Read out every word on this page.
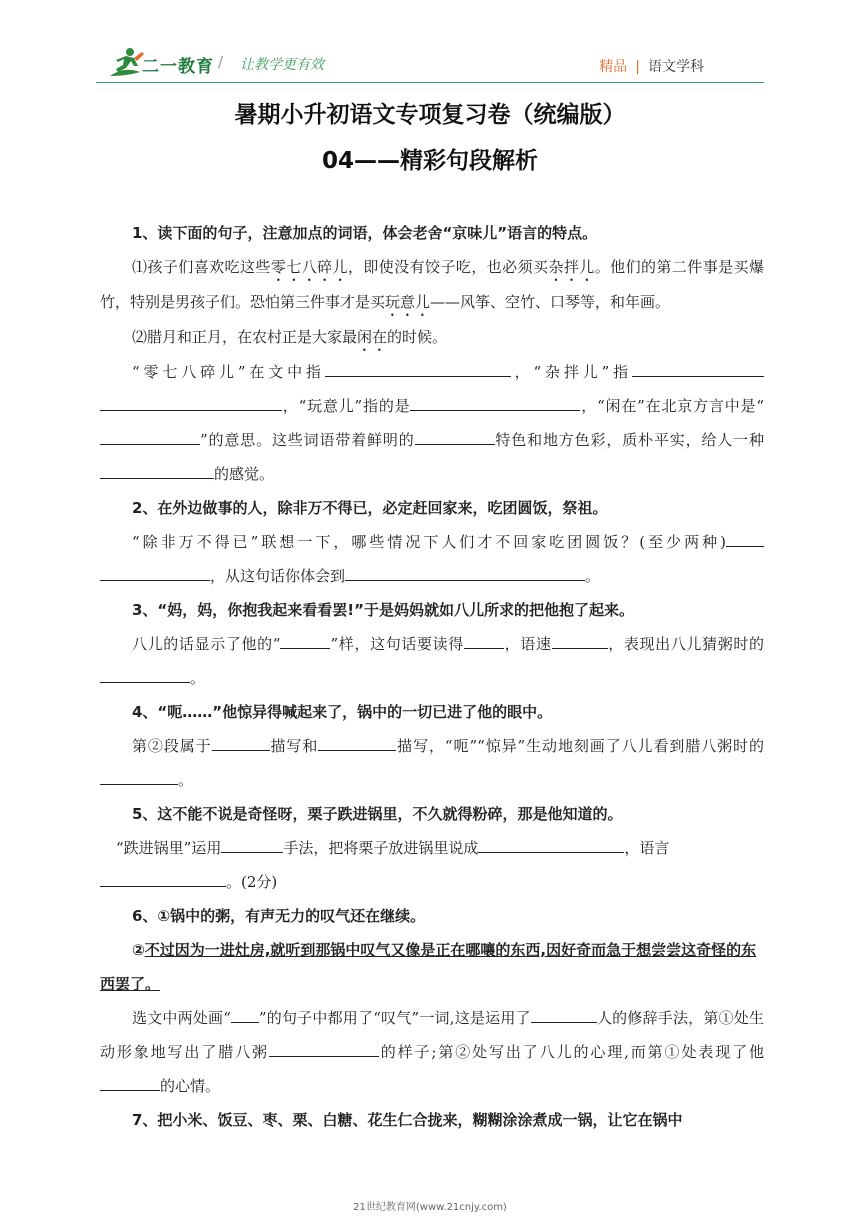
二一教育 / 让教学更有效	精品 | 语文学科
暑期小升初语文专项复习卷（统编版）
04——精彩句段解析

1、读下面的句子，注意加点的词语，体会老舍“京味儿”语言的特点。

⑴孩子们喜欢吃这些零七八碎儿，即使没有饺子吃，也必须买杂拌儿。他们的第二件事是买爆竹，特别是男孩子们。恐怕第三件事才是买玩意儿——风筝、空竹、口琴等，和年画。

⑵腊月和正月，在农村正是大家最闲在的时候。

“零七八碎儿”在文中指	，“杂拌儿”指，“玩意儿”指的是	，“闲在”在北京方言中是“”的意思。这些词语带着鲜明的	特色和地方色彩，质朴平实，给人一种的感觉。

2、在外边做事的人，除非万不得已，必定赶回家来，吃团圆饭，祭祖。

“除非万不得已”联想一下，哪些情况下人们才不回家吃团圆饭？(至少两种)，从这句话你体会到	。

3、“妈，妈，你抱我起来看看罢!”于是妈妈就如八儿所求的把他抱了起来。

八儿的话显示了他的“	”样，这句话要读得	，语速	，表现出八儿猜粥时的。

4、“呃……”他惊异得喊起来了，锅中的一切已进了他的眼中。

第②段属于	描写和	描写，“呃”“惊异”生动地刻画了八儿看到腊八粥时的。

5、这不能不说是奇怪呀，栗子跌进锅里，不久就得粉碎，那是他知道的。

“跌进锅里”运用	手法，把将栗子放进锅里说成	，语言。(2分)

6、①锅中的粥，有声无力的叹气还在继续。

②不过因为一进灶房,就听到那锅中叹气又像是正在哪嚷的东西,因好奇而急于想尝尝这奇怪的东西罢了。

选文中两处画“ ”的句子中都用了“叹气”一词,这是运用了	人的修辞手法，第①处生动形象地写出了腊八粥	的样子;第②处写出了八儿的心理,而第①处表现了他 的心情。

7、把小米、饭豆、枣、栗、白糖、花生仁合拢来，糊糊涂涂煮成一锅，让它在锅中

21世纪教育网(www.21cnjy.com)
